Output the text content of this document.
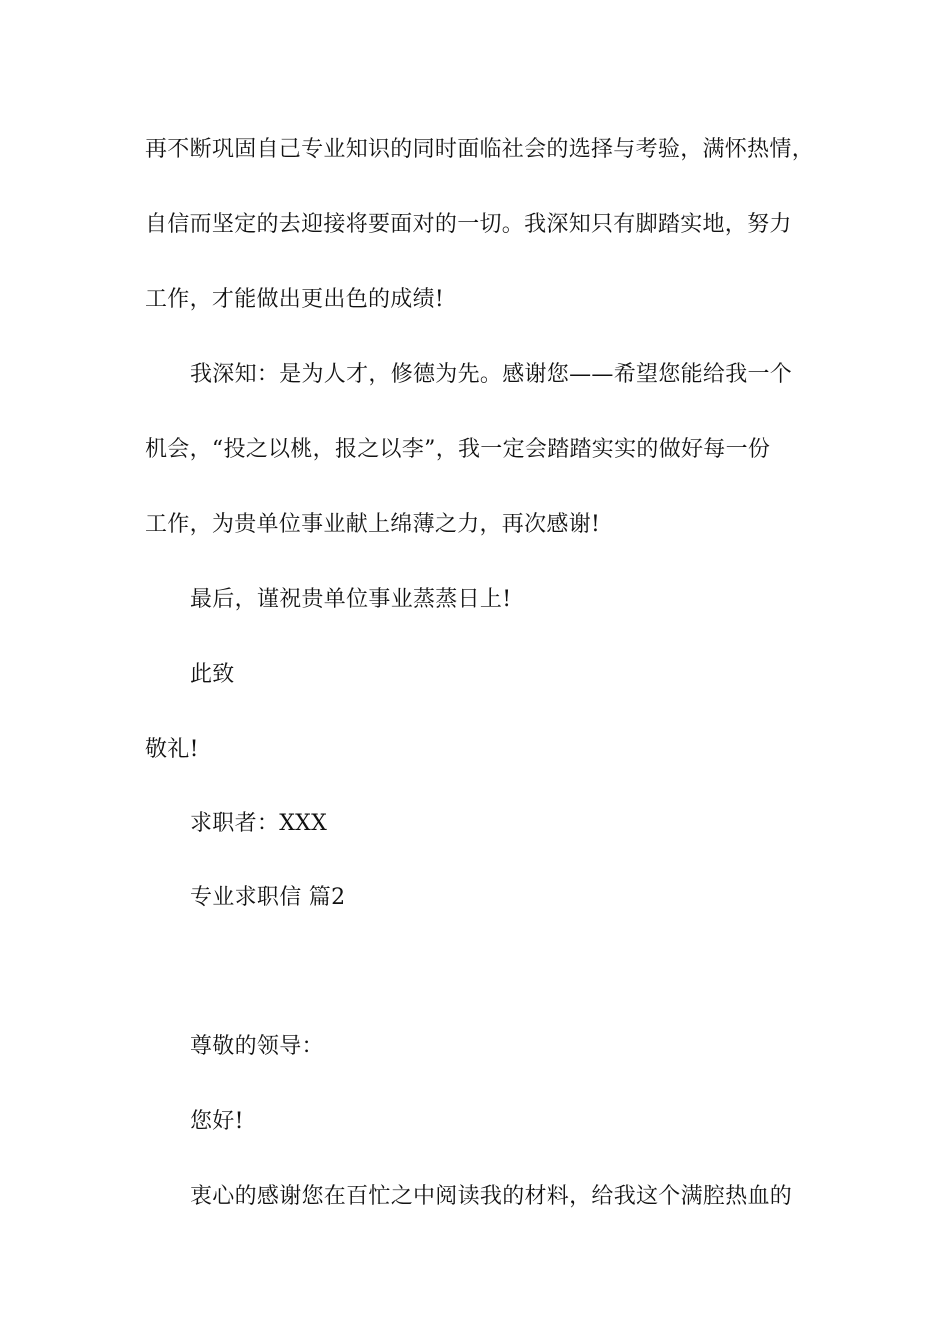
再不断巩固自己专业知识的同时面临社会的选择与考验，满怀热情，
自信而坚定的去迎接将要面对的一切。我深知只有脚踏实地，努力
工作，才能做出更出色的成绩!
我深知：是为人才，修德为先。感谢您——希望您能给我一个
机会，“投之以桃，报之以李”，我一定会踏踏实实的做好每一份
工作，为贵单位事业献上绵薄之力，再次感谢!
最后，谨祝贵单位事业蒸蒸日上!
此致
敬礼!
求职者：XXX
专业求职信 篇2
尊敬的领导：
您好!
衷心的感谢您在百忙之中阅读我的材料，给我这个满腔热血的
